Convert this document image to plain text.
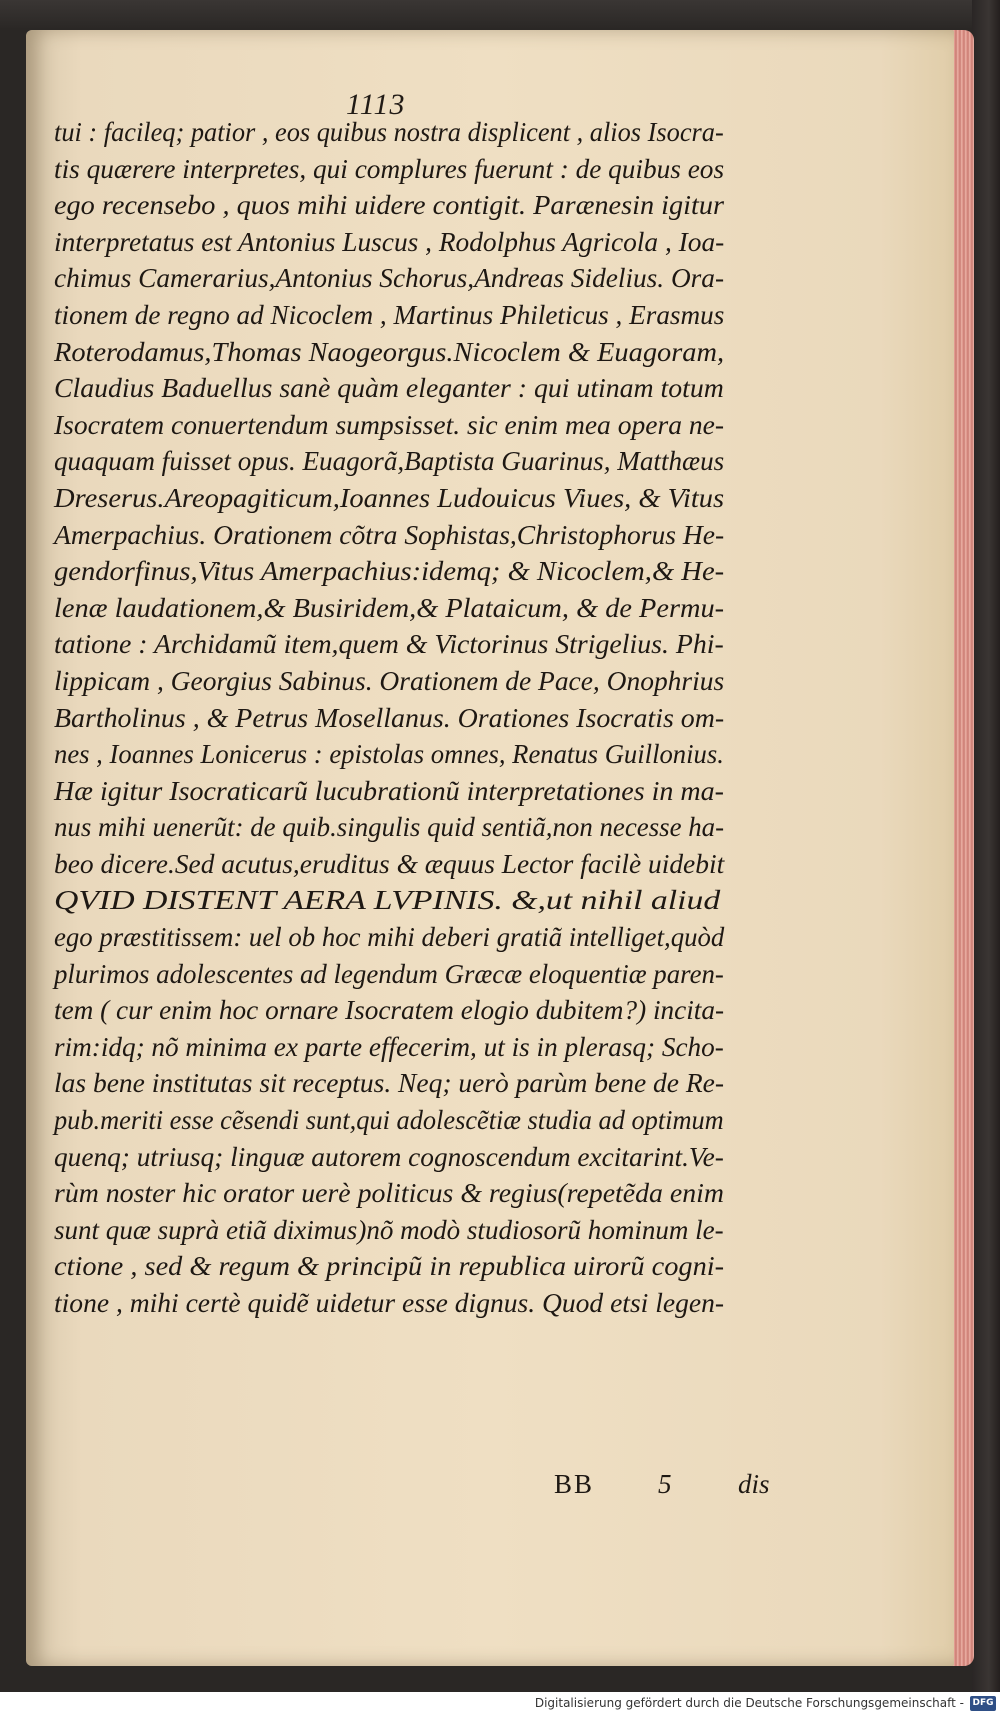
1113
tui : facileq; patior , eos quibus nostra displicent , alios Isocra-
tis quærere interpretes, qui complures fuerunt : de quibus eos
ego recensebo , quos mihi uidere contigit. Parænesin igitur
interpretatus est Antonius Luscus , Rodolphus Agricola , Ioa-
chimus Camerarius,Antonius Schorus,Andreas Sidelius. Ora-
tionem de regno ad Nicoclem , Martinus Phileticus , Erasmus
Roterodamus,Thomas Naogeorgus.Nicoclem & Euagoram,
Claudius Baduellus sanè quàm eleganter : qui utinam totum
Isocratem conuertendum sumpsisset. sic enim mea opera ne-
quaquam fuisset opus. Euagorã,Baptista Guarinus, Matthæus
Dreserus.Areopagiticum,Ioannes Ludouicus Viues, & Vitus
Amerpachius. Orationem cõtra Sophistas,Christophorus He-
gendorfinus,Vitus Amerpachius:idemq; & Nicoclem,& He-
lenæ laudationem,& Busiridem,& Plataicum, & de Permu-
tatione : Archidamũ item,quem & Victorinus Strigelius. Phi-
lippicam , Georgius Sabinus. Orationem de Pace, Onophrius
Bartholinus , & Petrus Mosellanus. Orationes Isocratis om-
nes , Ioannes Lonicerus : epistolas omnes, Renatus Guillonius.
Hæ igitur Isocraticarũ lucubrationũ interpretationes in ma-
nus mihi uenerũt: de quib.singulis quid sentiã,non necesse ha-
beo dicere.Sed acutus,eruditus & æquus Lector facilè uidebit
QVID DISTENT AERA LVPINIS. &,ut nihil aliud
ego præstitissem: uel ob hoc mihi deberi gratiã intelliget,quòd
plurimos adolescentes ad legendum Græcæ eloquentiæ paren-
tem ( cur enim hoc ornare Isocratem elogio dubitem?) incita-
rim:idq; nõ minima ex parte effecerim, ut is in plerasq; Scho-
las bene institutas sit receptus. Neq; uerò parùm bene de Re-
pub.meriti esse cẽsendi sunt,qui adolescẽtiæ studia ad optimum
quenq; utriusq; linguæ autorem cognoscendum excitarint.Ve-
rùm noster hic orator uerè politicus & regius(repetẽda enim
sunt quæ suprà etiã diximus)nõ modò studiosorũ hominum le-
ctione , sed & regum & principũ in republica uirorũ cogni-
tione , mihi certè quidẽ uidetur esse dignus. Quod etsi legen-
BB 5 dis
Digitalisierung gefördert durch die Deutsche Forschungsgemeinschaft - DFG
